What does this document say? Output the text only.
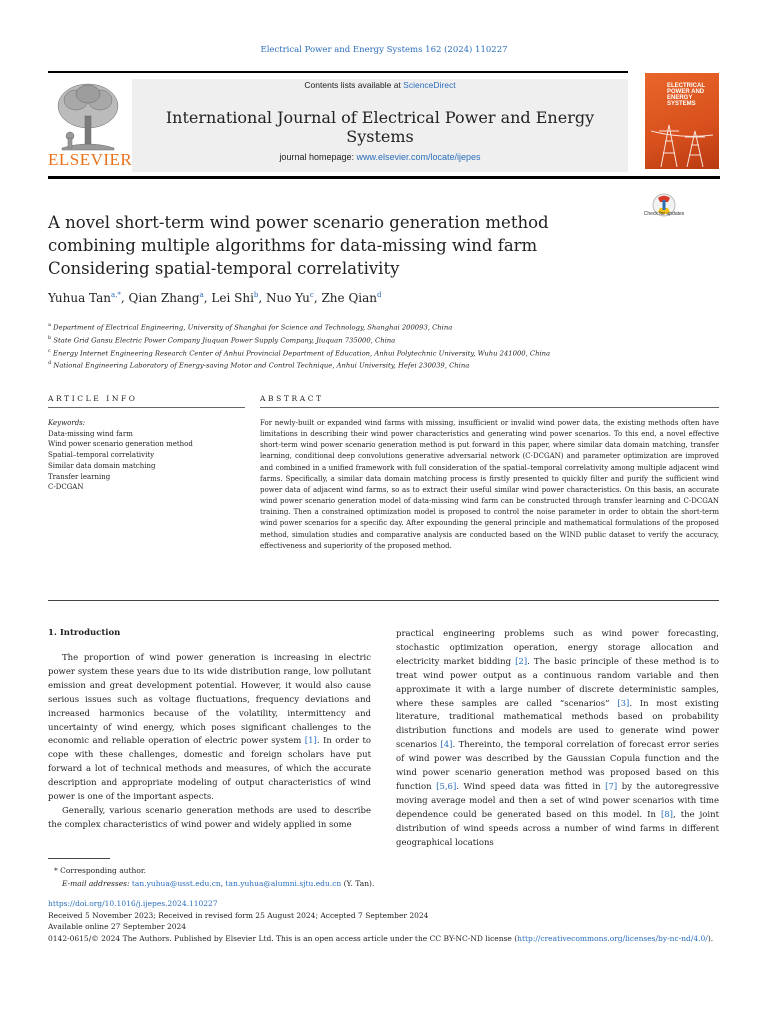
Electrical Power and Energy Systems 162 (2024) 110227
ELSEVIER
Contents lists available at ScienceDirect
International Journal of Electrical Power and Energy Systems
journal homepage: www.elsevier.com/locate/ijepes
ELECTRICAL POWER AND ENERGY SYSTEMS
Check for updates
A novel short-term wind power scenario generation method combining multiple algorithms for data-missing wind farm Considering spatial-temporal correlativity
Yuhua Tan$^{a,*}$, Qian Zhang$^a$, Lei Shi$^b$, Nuo Yu$^c$, Zhe Qian$^d$
$^a$ Department of Electrical Engineering, University of Shanghai for Science and Technology, Shanghai 200093, China
$^b$ State Grid Gansu Electric Power Company Jiuquan Power Supply Company, Jiuquan 735000, China
$^c$ Energy Internet Engineering Research Center of Anhui Provincial Department of Education, Anhui Polytechnic University, Wuhu 241000, China
$^d$ National Engineering Laboratory of Energy-saving Motor and Control Technique, Anhui University, Hefei 230039, China
ARTICLE INFO	ABSTRACT
Keywords:
Data-missing wind farm
Wind power scenario generation method
Spatial–temporal correlativity
Similar data domain matching
Transfer learning
C-DCGAN
For newly-built or expanded wind farms with missing, insufficient or invalid wind power data, the existing methods often have limitations in describing their wind power characteristics and generating wind power scenarios. To this end, a novel effective short-term wind power scenario generation method is put forward in this paper, where similar data domain matching, transfer learning, conditional deep convolutions generative adversarial network (C-DCGAN) and parameter optimization are improved and combined in a unified framework with full consideration of the spatial–temporal correlativity among multiple adjacent wind farms. Specifically, a similar data domain matching process is firstly presented to quickly filter and purify the sufficient wind power data of adjacent wind farms, so as to extract their useful similar wind power characteristics. On this basis, an accurate wind power scenario generation model of data-missing wind farm can be constructed through transfer learning and C-DCGAN training. Then a constrained optimization model is proposed to control the noise parameter in order to obtain the short-term wind power scenarios for a specific day. After expounding the general principle and mathematical formulations of the proposed method, simulation studies and comparative analysis are conducted based on the WIND public dataset to verify the accuracy, effectiveness and superiority of the proposed method.
1. Introduction

The proportion of wind power generation is increasing in electric power system these years due to its wide distribution range, low pollutant emission and great development potential. However, it would also cause serious issues such as voltage fluctuations, frequency deviations and increased harmonics because of the volatility, intermittency and uncertainty of wind energy, which poses significant challenges to the economic and reliable operation of electric power system [1]. In order to cope with these challenges, domestic and foreign scholars have put forward a lot of technical methods and measures, of which the accurate description and appropriate modeling of output characteristics of wind power is one of the important aspects.

Generally, various scenario generation methods are used to describe the complex characteristics of wind power and widely applied in some

practical engineering problems such as wind power forecasting, stochastic optimization operation, energy storage allocation and electricity market bidding [2]. The basic principle of these method is to treat wind power output as a continuous random variable and then approximate it with a large number of discrete deterministic samples, where these samples are called “scenarios” [3]. In most existing literature, traditional mathematical methods based on probability distribution functions and models are used to generate wind power scenarios [4]. Thereinto, the temporal correlation of forecast error series of wind power was described by the Gaussian Copula function and the wind power scenario generation method was proposed based on this function [5,6]. Wind speed data was fitted in [7] by the autoregressive moving average model and then a set of wind power scenarios with time dependence could be generated based on this model. In [8], the joint distribution of wind speeds across a number of wind farms in different geographical locations

* Corresponding author.
E-mail addresses: tan.yuhua@usst.edu.cn, tan.yuhua@alumni.sjtu.edu.cn (Y. Tan).
https://doi.org/10.1016/j.ijepes.2024.110227
Received 5 November 2023; Received in revised form 25 August 2024; Accepted 7 September 2024
Available online 27 September 2024
0142-0615/© 2024 The Authors. Published by Elsevier Ltd. This is an open access article under the CC BY-NC-ND license (http://creativecommons.org/licenses/by-nc-nd/4.0/).
